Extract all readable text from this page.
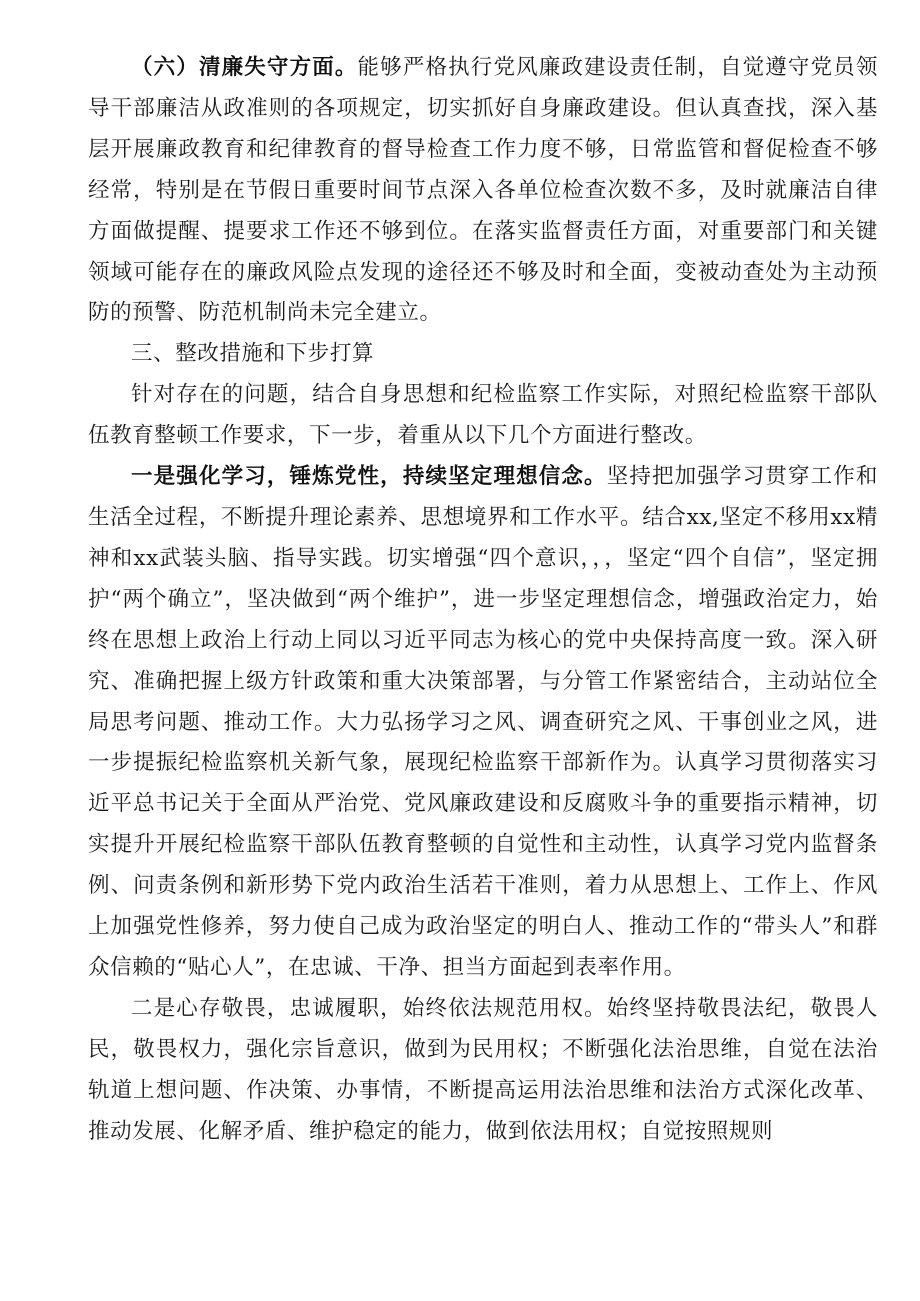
（六）清廉失守方面。能够严格执行党风廉政建设责任制，自觉遵守党员领导干部廉洁从政准则的各项规定，切实抓好自身廉政建设。但认真查找，深入基层开展廉政教育和纪律教育的督导检查工作力度不够，日常监管和督促检查不够经常，特别是在节假日重要时间节点深入各单位检查次数不多，及时就廉洁自律方面做提醒、提要求工作还不够到位。在落实监督责任方面，对重要部门和关键领域可能存在的廉政风险点发现的途径还不够及时和全面，变被动查处为主动预防的预警、防范机制尚未完全建立。

三、整改措施和下步打算

针对存在的问题，结合自身思想和纪检监察工作实际，对照纪检监察干部队伍教育整顿工作要求，下一步，着重从以下几个方面进行整改。

一是强化学习，锤炼党性，持续坚定理想信念。坚持把加强学习贯穿工作和生活全过程，不断提升理论素养、思想境界和工作水平。结合xx,坚定不移用xx精神和xx武装头脑、指导实践。切实增强“四个意识，，，坚定“四个自信”，坚定拥护“两个确立”，坚决做到“两个维护”，进一步坚定理想信念，增强政治定力，始终在思想上政治上行动上同以习近平同志为核心的党中央保持高度一致。深入研究、准确把握上级方针政策和重大决策部署，与分管工作紧密结合，主动站位全局思考问题、推动工作。大力弘扬学习之风、调查研究之风、干事创业之风，进一步提振纪检监察机关新气象，展现纪检监察干部新作为。认真学习贯彻落实习近平总书记关于全面从严治党、党风廉政建设和反腐败斗争的重要指示精神，切实提升开展纪检监察干部队伍教育整顿的自觉性和主动性，认真学习党内监督条例、问责条例和新形势下党内政治生活若干准则，着力从思想上、工作上、作风上加强党性修养，努力使自己成为政治坚定的明白人、推动工作的“带头人”和群众信赖的“贴心人”，在忠诚、干净、担当方面起到表率作用。

二是心存敬畏，忠诚履职，始终依法规范用权。始终坚持敬畏法纪，敬畏人民，敬畏权力，强化宗旨意识，做到为民用权；不断强化法治思维，自觉在法治轨道上想问题、作决策、办事情，不断提高运用法治思维和法治方式深化改革、推动发展、化解矛盾、维护稳定的能力，做到依法用权；自觉按照规则
